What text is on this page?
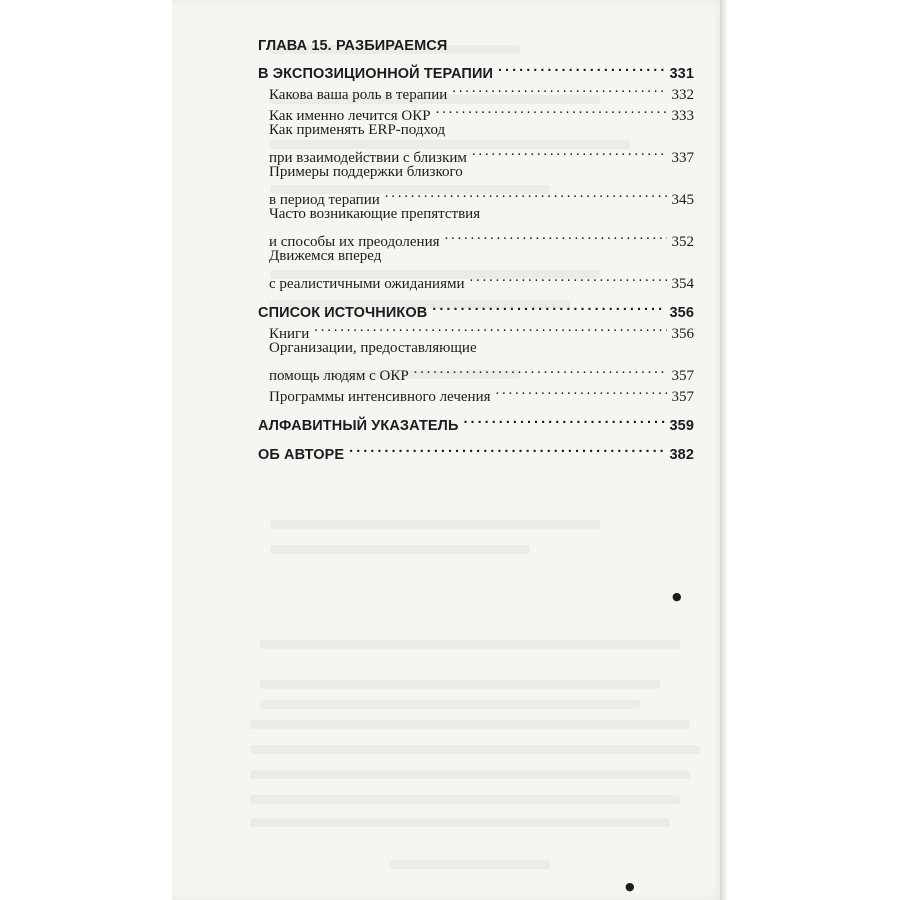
ГЛАВА 15. РАЗБИРАЕМСЯ
В ЭКСПОЗИЦИОННОЙ ТЕРАПИИ . . .	331
Какова ваша роль в терапии . . .	332
Как именно лечится ОКР . . .	333
Как применять ERP-подход
при взаимодействии с близким . . .	337
Примеры поддержки близкого
в период терапии . . .	345
Часто возникающие препятствия
и способы их преодоления . . .	352
Движемся вперед
с реалистичными ожиданиями . . .	354
СПИСОК ИСТОЧНИКОВ . . .	356
Книги . . .	356
Организации, предоставляющие
помощь людям с ОКР . . .	357
Программы интенсивного лечения . . .	357
АЛФАВИТНЫЙ УКАЗАТЕЛЬ . . .	359
ОБ АВТОРЕ . . .	382
●
●
